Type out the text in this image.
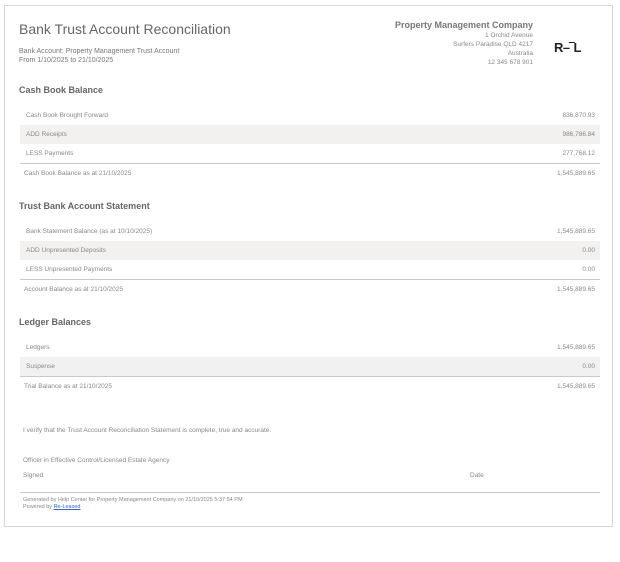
Bank Trust Account Reconciliation
Bank Account: Property Management Trust Account
From 1/10/2025 to 21/10/2025
Property Management Company
1 Orchid Avenue
Surfers Paradise QLD 4217
Australia
12 345 678 901
R–‾L
Cash Book Balance
Cash Book Brought Forward	836,870.93
ADD Receipts	986,786.84
LESS Payments	277,768.12
Cash Book Balance as at 21/10/2025	1,545,889.65
Trust Bank Account Statement
Bank Statement Balance (as at 10/10/2025)	1,545,889.65
ADD Unpresented Deposits	0.00
LESS Unpresented Payments	0.00
Account Balance as at 21/10/2025	1,545,889.65
Ledger Balances
Ledgers	1,545,889.65
Suspense	0.00
Trial Balance as at 21/10/2025	1,545,889.65
I verify that the Trust Account Reconciliation Statement is complete, true and accurate.
Officer in Effective Control/Licensed Estate Agency
Signed	Date
Generated by Help Center for Property Management Company on 21/10/2025 5:37:54 PM
Powered by Re-Leased
